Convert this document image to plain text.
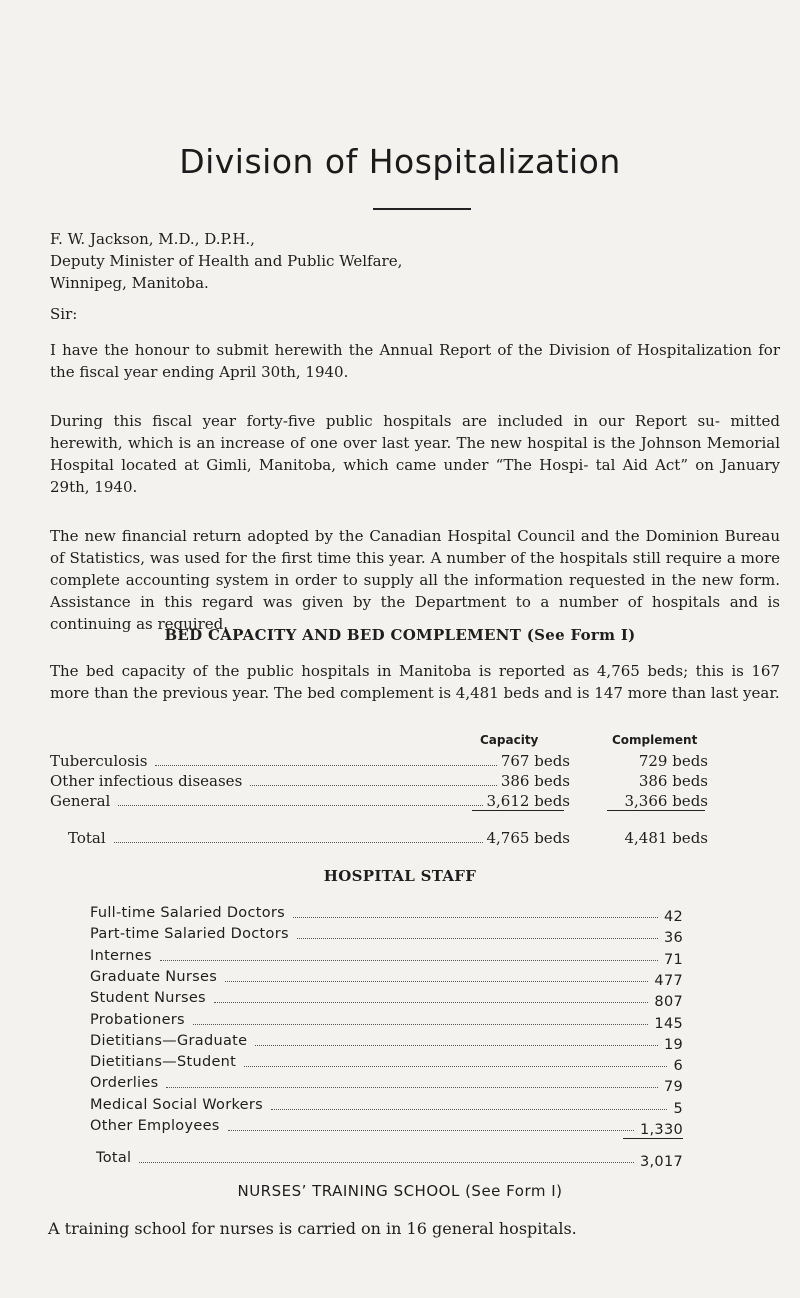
Division of Hospitalization
F. W. Jackson, M.D., D.P.H.,
Deputy Minister of Health and Public Welfare,
Winnipeg, Manitoba.
Sir:
I have the honour to submit herewith the Annual Report of the Division of Hospitalization for the fiscal year ending April 30th, 1940.
During this fiscal year forty-five public hospitals are included in our Report su- mitted herewith, which is an increase of one over last year. The new hospital is the Johnson Memorial Hospital located at Gimli, Manitoba, which came under “The Hospi- tal Aid Act” on January 29th, 1940.
The new financial return adopted by the Canadian Hospital Council and the Dominion Bureau of Statistics, was used for the first time this year. A number of the hospitals still require a more complete accounting system in order to supply all the information requested in the new form. Assistance in this regard was given by the Department to a number of hospitals and is continuing as required.
BED CAPACITY AND BED COMPLEMENT (See Form I)
The bed capacity of the public hospitals in Manitoba is reported as 4,765 beds; this is 167 more than the previous year. The bed complement is 4,481 beds and is 147 more than last year.
Capacity	Complement
Tuberculosis	767 beds	729 beds
Other infectious diseases	386 beds	386 beds
General	3,612 beds	3,366 beds
Total	4,765 beds	4,481 beds
HOSPITAL STAFF
Full-time Salaried Doctors	42
Part-time Salaried Doctors	36
Internes	71
Graduate Nurses	477
Student Nurses	807
Probationers	145
Dietitians—Graduate	19
Dietitians—Student	6
Orderlies	79
Medical Social Workers	5
Other Employees	1,330
Total	3,017
NURSES’ TRAINING SCHOOL (See Form I)
A training school for nurses is carried on in 16 general hospitals.
